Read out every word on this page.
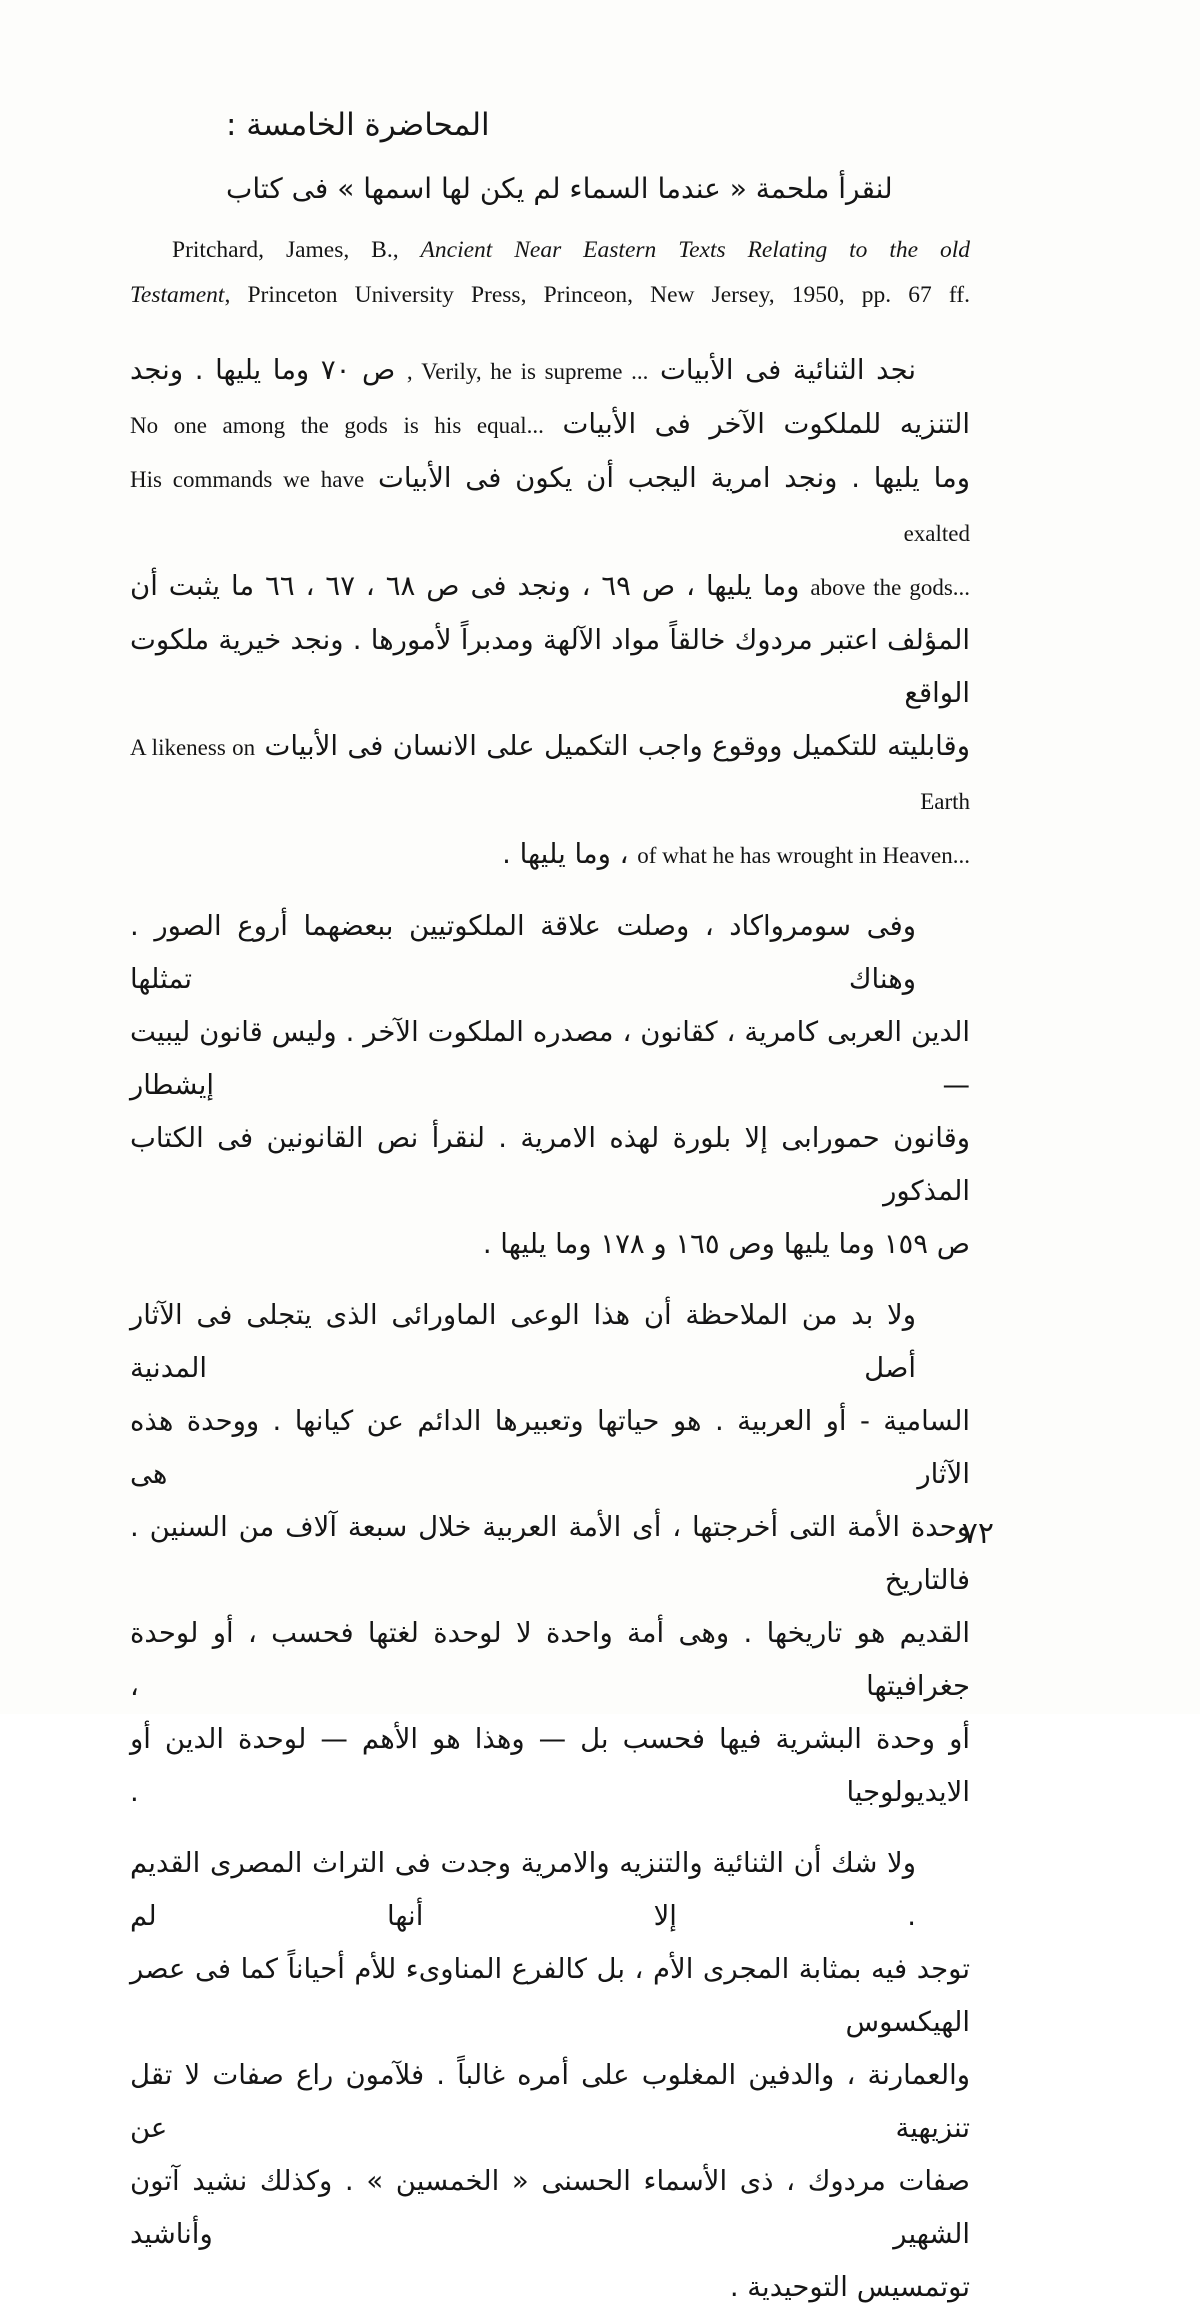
المحاضرة الخامسة :
لنقرأ ملحمة « عندما السماء لم يكن لها اسمها » فى كتاب
Pritchard, James, B., Ancient Near Eastern Texts Relating to the old
Testament, Princeton University Press, Princeon, New Jersey, 1950, pp. 67 ff.
نجد الثنائية فى الأبيات , Verily, he is supreme ... ص ٧٠ وما يليها . ونجد
التنزيه للملكوت الآخر فى الأبيات No one among the gods is his equal...
وما يليها . ونجد امرية اليجب أن يكون فى الأبيات His commands we have exalted
above the gods... وما يليها ، ص ٦٩ ، ونجد فى ص ٦٨ ، ٦٧ ، ٦٦ ما يثبت أن
المؤلف اعتبر مردوك خالقاً مواد الآلهة ومدبراً لأمورها . ونجد خيرية ملكوت الواقع
وقابليته للتكميل ووقوع واجب التكميل على الانسان فى الأبيات A likeness on Earth
of what he has wrought in Heaven... ، وما يليها .
وفى سومرواكاد ، وصلت علاقة الملكوتيين ببعضهما أروع الصور . وهناك تمثلها
الدين العربى كامرية ، كقانون ، مصدره الملكوت الآخر . وليس قانون ليبيت — إيشطار
وقانون حمورابى إلا بلورة لهذه الامرية . لنقرأ نص القانونين فى الكتاب المذكور
ص ١٥٩ وما يليها وص ١٦٥ و ١٧٨ وما يليها .
ولا بد من الملاحظة أن هذا الوعى الماورائى الذى يتجلى فى الآثار أصل المدنية
السامية - أو العربية . هو حياتها وتعبيرها الدائم عن كيانها . ووحدة هذه الآثار هى
وحدة الأمة التى أخرجتها ، أى الأمة العربية خلال سبعة آلاف من السنين . فالتاريخ
القديم هو تاريخها . وهى أمة واحدة لا لوحدة لغتها فحسب ، أو لوحدة جغرافيتها ،
أو وحدة البشرية فيها فحسب بل — وهذا هو الأهم — لوحدة الدين أو الايديولوجيا .
ولا شك أن الثنائية والتنزيه والامرية وجدت فى التراث المصرى القديم . إلا أنها لم
توجد فيه بمثابة المجرى الأم ، بل كالفرع المناوىء للأم أحياناً كما فى عصر الهيكسوس
والعمارنة ، والدفين المغلوب على أمره غالباً . فلآمون راع صفات لا تقل تنزيهية عن
صفات مردوك ، ذى الأسماء الحسنى « الخمسين » . وكذلك نشيد آتون الشهير وأناشيد
توتمسيس التوحيدية .
٧٢
